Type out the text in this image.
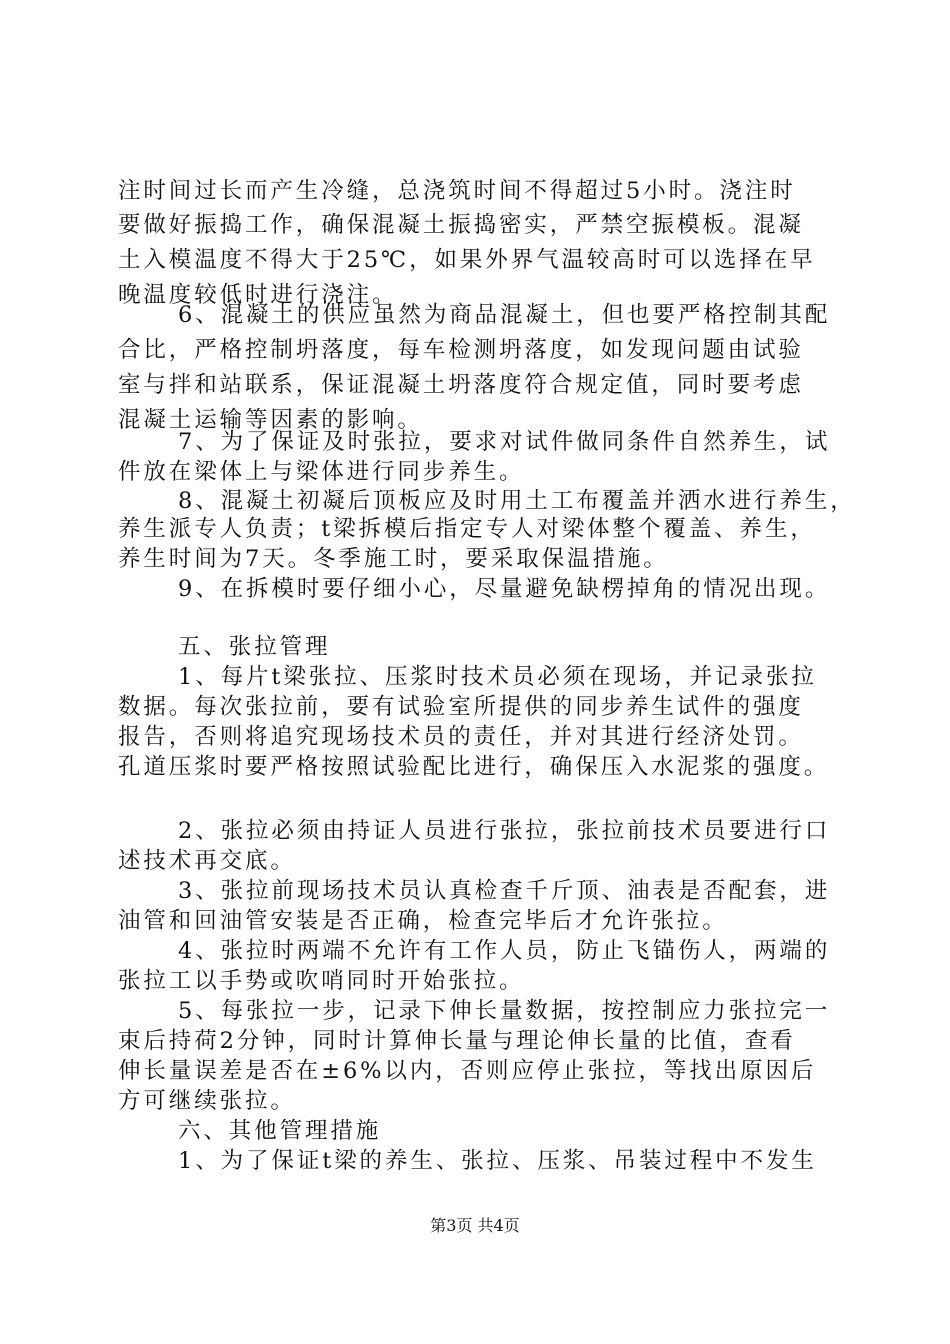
注时间过长而产生冷缝，总浇筑时间不得超过5小时。浇注时
要做好振捣工作，确保混凝土振捣密实，严禁空振模板。混凝
土入模温度不得大于25℃，如果外界气温较高时可以选择在早
晚温度较低时进行浇注。
6、混凝土的供应虽然为商品混凝土，但也要严格控制其配
合比，严格控制坍落度，每车检测坍落度，如发现问题由试验
室与拌和站联系，保证混凝土坍落度符合规定值，同时要考虑
混凝土运输等因素的影响。
7、为了保证及时张拉，要求对试件做同条件自然养生，试
件放在梁体上与梁体进行同步养生。
8、混凝土初凝后顶板应及时用土工布覆盖并洒水进行养生，
养生派专人负责；t梁拆模后指定专人对梁体整个覆盖、养生，
养生时间为7天。冬季施工时，要采取保温措施。
9、在拆模时要仔细小心，尽量避免缺楞掉角的情况出现。
五、张拉管理
1、每片t梁张拉、压浆时技术员必须在现场，并记录张拉
数据。每次张拉前，要有试验室所提供的同步养生试件的强度
报告，否则将追究现场技术员的责任，并对其进行经济处罚。
孔道压浆时要严格按照试验配比进行，确保压入水泥浆的强度。
2、张拉必须由持证人员进行张拉，张拉前技术员要进行口
述技术再交底。
3、张拉前现场技术员认真检查千斤顶、油表是否配套，进
油管和回油管安装是否正确，检查完毕后才允许张拉。
4、张拉时两端不允许有工作人员，防止飞锚伤人，两端的
张拉工以手势或吹哨同时开始张拉。
5、每张拉一步，记录下伸长量数据，按控制应力张拉完一
束后持荷2分钟，同时计算伸长量与理论伸长量的比值，查看
伸长量误差是否在±6%以内，否则应停止张拉，等找出原因后
方可继续张拉。
六、其他管理措施
1、为了保证t梁的养生、张拉、压浆、吊装过程中不发生
第3页 共4页
